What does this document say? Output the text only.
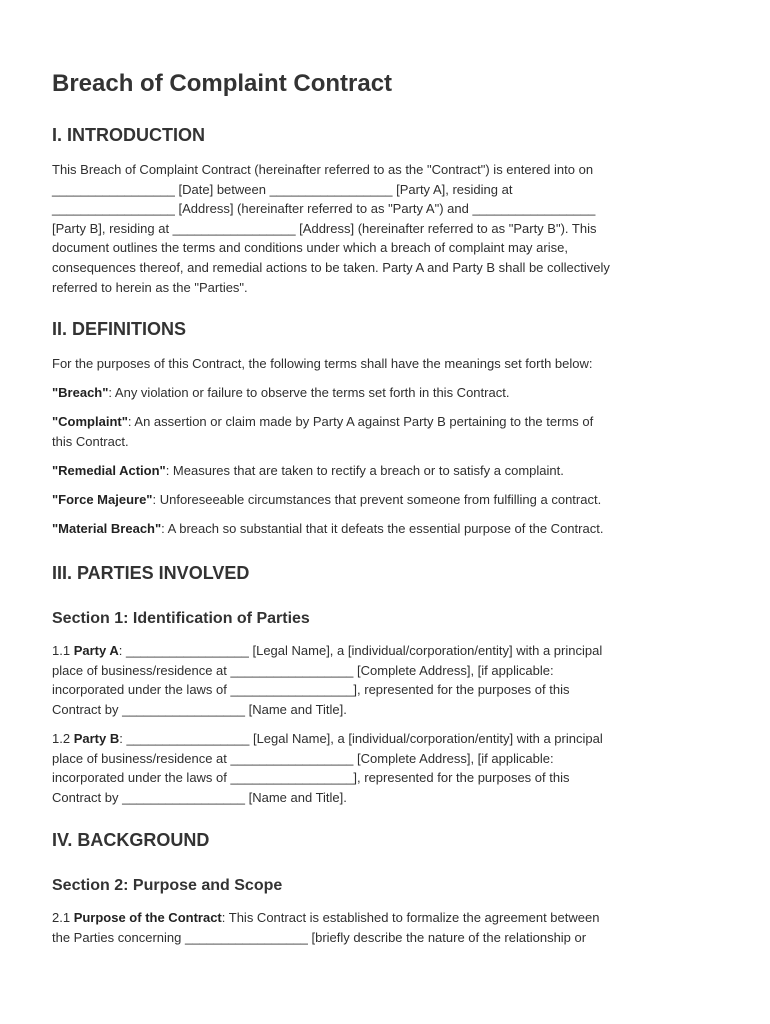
Breach of Complaint Contract
I. INTRODUCTION
This Breach of Complaint Contract (hereinafter referred to as the "Contract") is entered into on
_________________ [Date] between _________________ [Party A], residing at
_________________ [Address] (hereinafter referred to as "Party A") and _________________
[Party B], residing at _________________ [Address] (hereinafter referred to as "Party B"). This
document outlines the terms and conditions under which a breach of complaint may arise,
consequences thereof, and remedial actions to be taken. Party A and Party B shall be collectively
referred to herein as the "Parties".
II. DEFINITIONS
For the purposes of this Contract, the following terms shall have the meanings set forth below:
"Breach": Any violation or failure to observe the terms set forth in this Contract.
"Complaint": An assertion or claim made by Party A against Party B pertaining to the terms of
this Contract.
"Remedial Action": Measures that are taken to rectify a breach or to satisfy a complaint.
"Force Majeure": Unforeseeable circumstances that prevent someone from fulfilling a contract.
"Material Breach": A breach so substantial that it defeats the essential purpose of the Contract.
III. PARTIES INVOLVED
Section 1: Identification of Parties
1.1 Party A: _________________ [Legal Name], a [individual/corporation/entity] with a principal
place of business/residence at _________________ [Complete Address], [if applicable:
incorporated under the laws of _________________], represented for the purposes of this
Contract by _________________ [Name and Title].
1.2 Party B: _________________ [Legal Name], a [individual/corporation/entity] with a principal
place of business/residence at _________________ [Complete Address], [if applicable:
incorporated under the laws of _________________], represented for the purposes of this
Contract by _________________ [Name and Title].
IV. BACKGROUND
Section 2: Purpose and Scope
2.1 Purpose of the Contract: This Contract is established to formalize the agreement between
the Parties concerning _________________ [briefly describe the nature of the relationship or
